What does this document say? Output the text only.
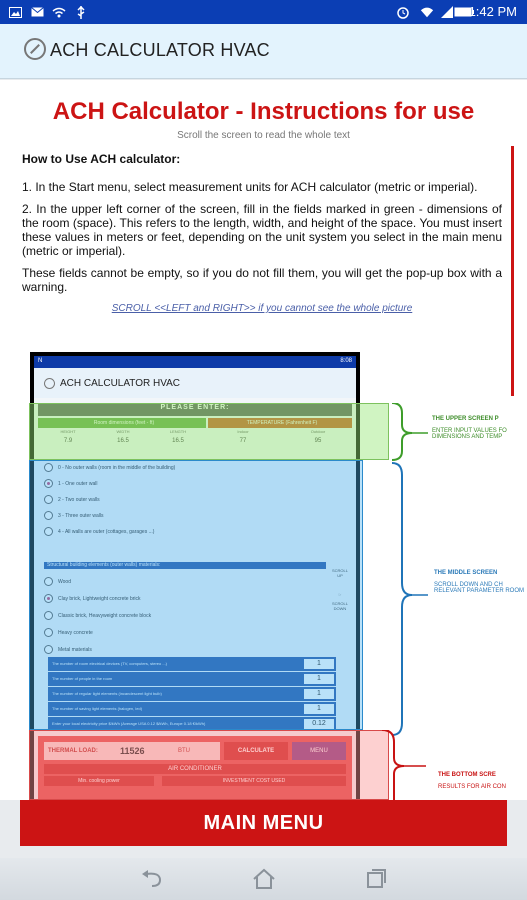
1:42 PM
ACH CALCULATOR HVAC
ACH Calculator - Instructions for use
Scroll the screen to read the whole text
How to Use ACH calculator:

1. In the Start menu, select measurement units for ACH calculator (metric or imperial).

2. In the upper left corner of the screen, fill in the fields marked in green - dimensions of the room (space). This refers to the length, width, and height of the space. You must insert these values in meters or feet, depending on the unit system you select in the main menu (metric or imperial).

These fields cannot be empty, so if you do not fill them, you will get the pop-up box with a warning.

SCROLL <<LEFT and RIGHT>> if you cannot see the whole picture
N	8:08
ACH CALCULATOR HVAC
PLEASE ENTER:
Room dimensions (feet - ft)	TEMPERATURE (Fahrenheit F)
HEIGHT	WIDTH	LENGTH	Indoor	Outdoor
7.9	16.5	16.5	77	95
0 - No outer walls (room in the middle of the building)
1 - One outer wall
2 - Two outer walls
3 - Three outer walls
4 - All walls are outer (cottages, garages ...)
Structural building elements (outer walls) materials:
Wood
Clay brick, Lightweight concrete brick
Classic brick, Heavyweight concrete block
Heavy concrete
Metal materials
SCROLL UP
☞
SCROLL DOWN
The number of room electrical devices (TV, computers, stereo ...)	1
The number of people in the room	1
The number of regular light elements (incandescent light bulb)	1
The number of saving light elements (halogen, led)	1
Enter your local electricity price $/kWh (Average USA 0.12 $/kWh, Europe 0.18 €/kWh)	0.12
THERMAL LOAD: 11526	BTU	CALCULATE	MENU
AIR CONDITIONER
Min. cooling power	INVESTMENT COST USED
THE UPPER SCREEN P
ENTER INPUT VALUES FO DIMENSIONS AND TEMP
THE MIDDLE SCREEN
SCROLL DOWN AND CH RELEVANT PARAMETER ROOM
THE BOTTOM SCRE
RESULTS FOR AIR CON
MAIN MENU
